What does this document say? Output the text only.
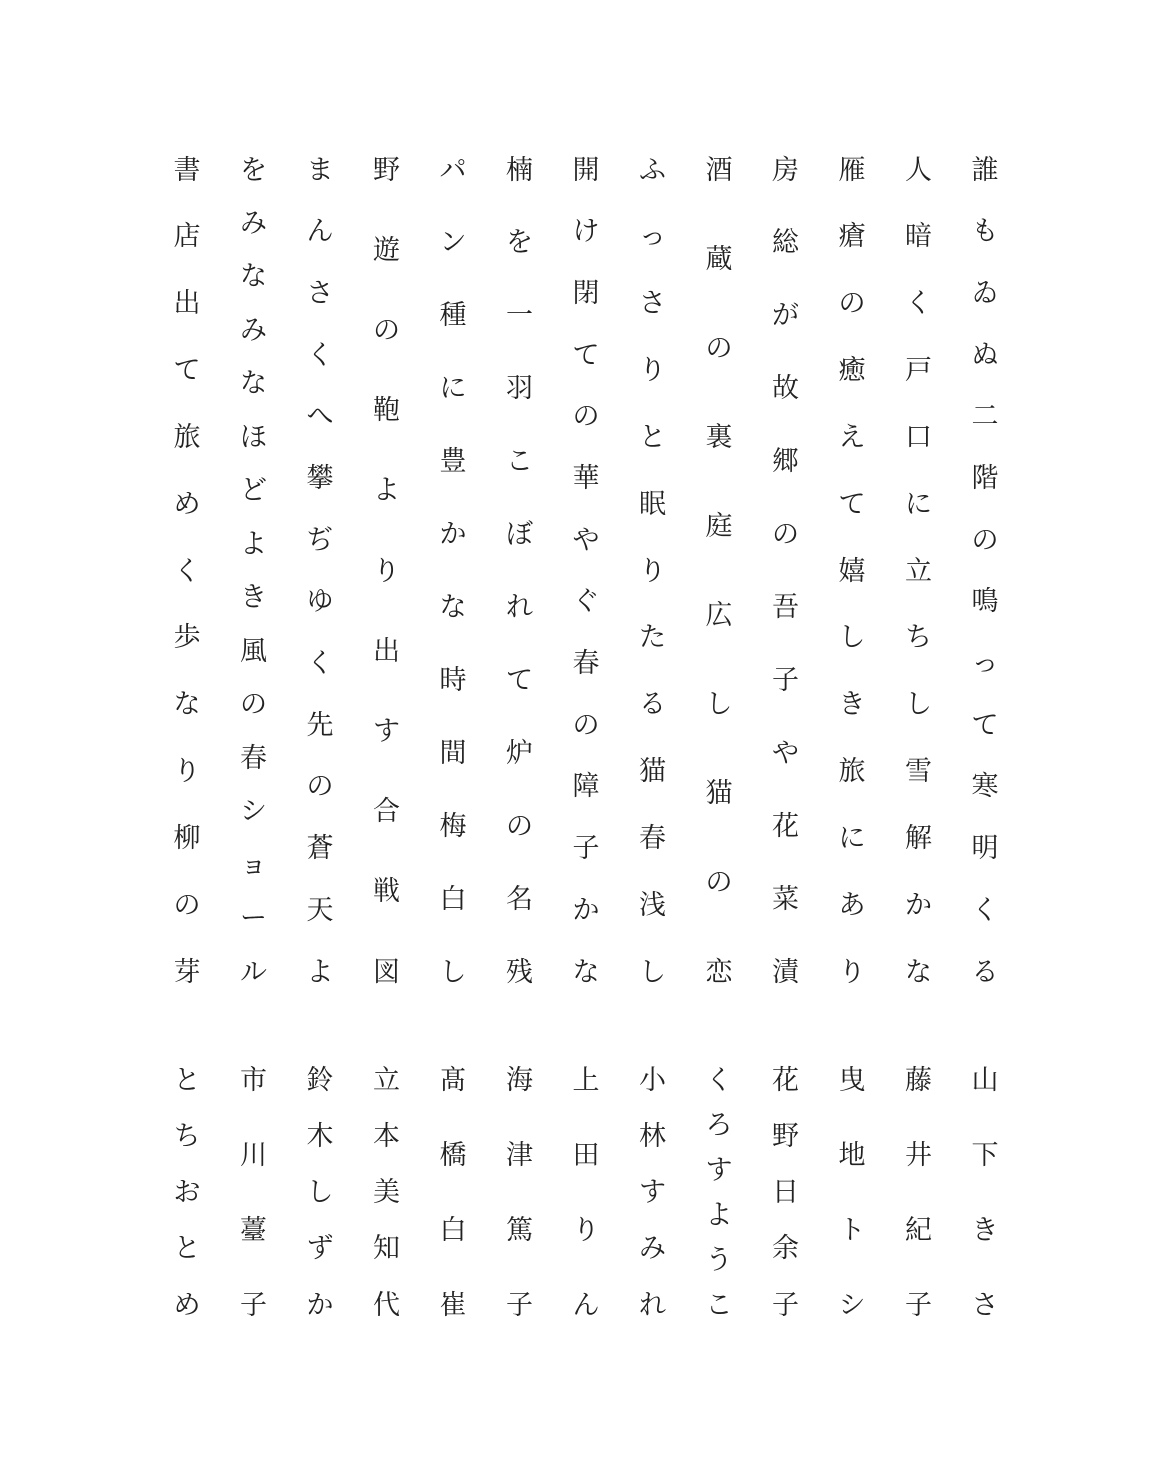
誰
も
ゐ
ぬ
二
階
の
鳴
っ
て
寒
明
く
る
山
下
き
さ
人
暗
く
戸
口
に
立
ち
し
雪
解
か
な
藤
井
紀
子
雁
瘡
の
癒
え
て
嬉
し
き
旅
に
あ
り
曳
地
ト
シ
房
総
が
故
郷
の
吾
子
や
花
菜
漬
花
野
日
余
子
酒
蔵
の
裏
庭
広
し
猫
の
恋
く
ろ
す
よ
う
こ
ふ
っ
さ
り
と
眠
り
た
る
猫
春
浅
し
小
林
す
み
れ
開
け
閉
て
の
華
や
ぐ
春
の
障
子
か
な
上
田
り
ん
楠
を
一
羽
こ
ぼ
れ
て
炉
の
名
残
海
津
篤
子
パ
ン
種
に
豊
か
な
時
間
梅
白
し
髙
橋
白
崔
野
遊
の
鞄
よ
り
出
す
合
戦
図
立
本
美
知
代
ま
ん
さ
く
へ
攀
ぢ
ゆ
く
先
の
蒼
天
よ
鈴
木
し
ず
か
を
み
な
み
な
ほ
ど
よ
き
風
の
春
シ
ョ
ー
ル
市
川
薹
子
書
店
出
て
旅
め
く
歩
な
り
柳
の
芽
と
ち
お
と
め
